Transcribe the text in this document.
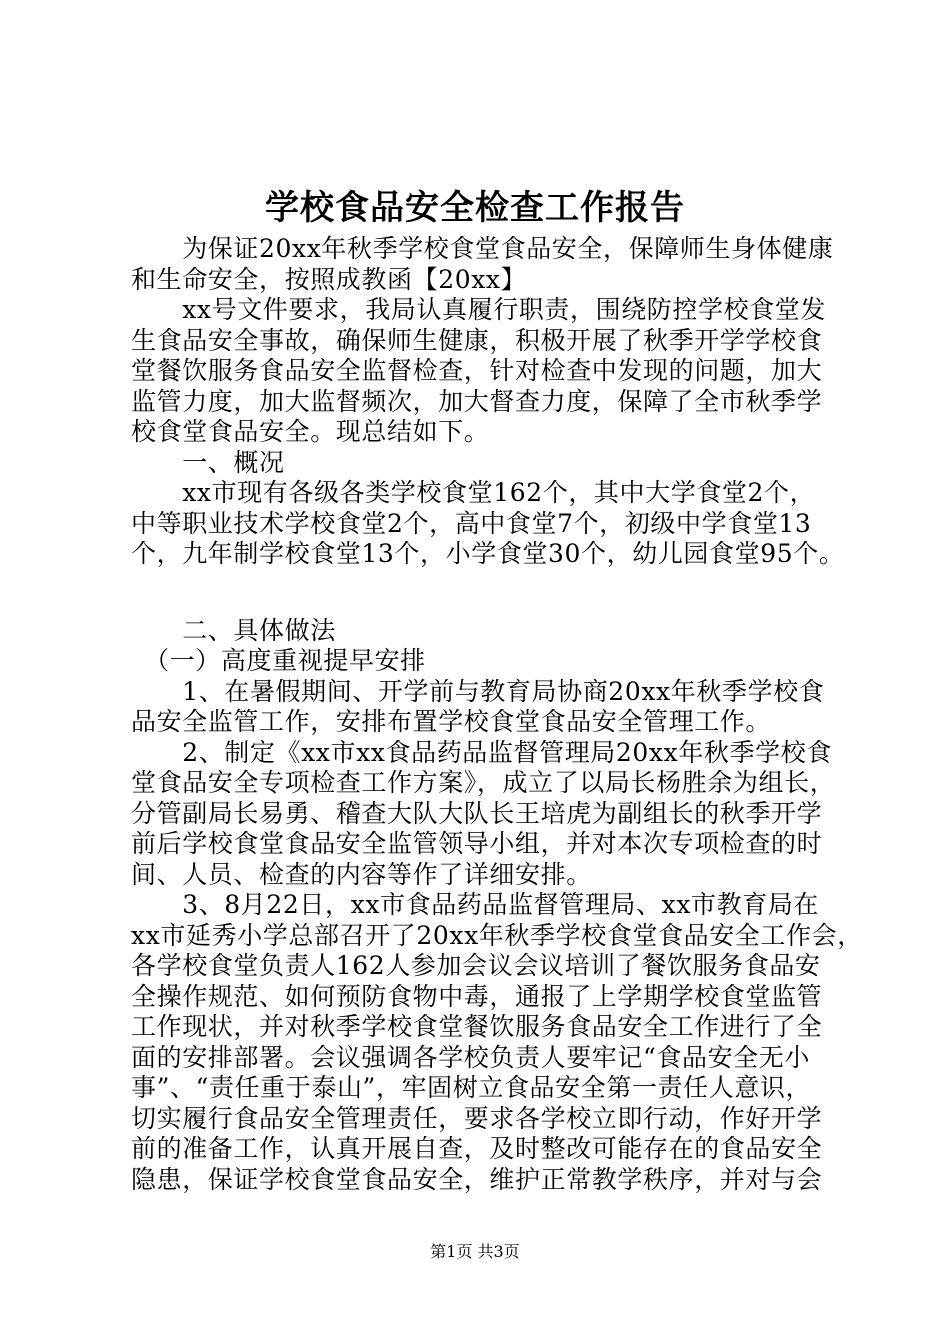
学校食品安全检查工作报告
　　为保证20xx年秋季学校食堂食品安全，保障师生身体健康
和生命安全，按照成教函【20xx】
　　xx号文件要求，我局认真履行职责，围绕防控学校食堂发
生食品安全事故，确保师生健康，积极开展了秋季开学学校食
堂餐饮服务食品安全监督检查，针对检查中发现的问题，加大
监管力度，加大监督频次，加大督查力度，保障了全市秋季学
校食堂食品安全。现总结如下。
　　一、概况
　　xx市现有各级各类学校食堂162个，其中大学食堂2个，
中等职业技术学校食堂2个，高中食堂7个，初级中学食堂13
个，九年制学校食堂13个，小学食堂30个，幼儿园食堂95个。
　　二、具体做法
　（一）高度重视提早安排
　　1、在暑假期间、开学前与教育局协商20xx年秋季学校食
品安全监管工作，安排布置学校食堂食品安全管理工作。
　　2、制定《xx市xx食品药品监督管理局20xx年秋季学校食
堂食品安全专项检查工作方案》，成立了以局长杨胜余为组长，
分管副局长易勇、稽查大队大队长王培虎为副组长的秋季开学
前后学校食堂食品安全监管领导小组，并对本次专项检查的时
间、人员、检查的内容等作了详细安排。
　　3、8月22日，xx市食品药品监督管理局、xx市教育局在
xx市延秀小学总部召开了20xx年秋季学校食堂食品安全工作会，
各学校食堂负责人162人参加会议会议培训了餐饮服务食品安
全操作规范、如何预防食物中毒，通报了上学期学校食堂监管
工作现状，并对秋季学校食堂餐饮服务食品安全工作进行了全
面的安排部署。会议强调各学校负责人要牢记“食品安全无小
事”、“责任重于泰山”，牢固树立食品安全第一责任人意识，
切实履行食品安全管理责任，要求各学校立即行动，作好开学
前的准备工作，认真开展自查，及时整改可能存在的食品安全
隐患，保证学校食堂食品安全，维护正常教学秩序，并对与会
第1页 共3页
